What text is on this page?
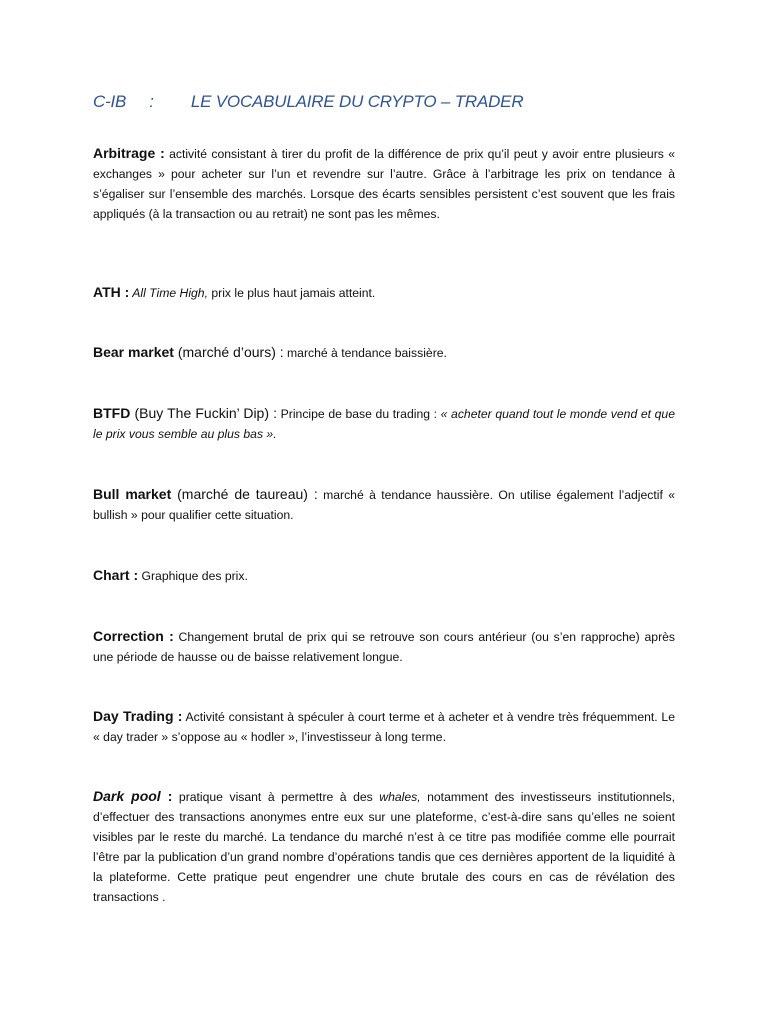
C-IB : LE VOCABULAIRE DU CRYPTO – TRADER
Arbitrage : activité consistant à tirer du profit de la différence de prix qu’il peut y avoir entre plusieurs « exchanges » pour acheter sur l’un et revendre sur l’autre. Grâce à l’arbitrage les prix on tendance à s’égaliser sur l’ensemble des marchés. Lorsque des écarts sensibles persistent c’est souvent que les frais appliqués (à la transaction ou au retrait) ne sont pas les mêmes.
ATH : All Time High, prix le plus haut jamais atteint.
Bear market (marché d’ours) : marché à tendance baissière.
BTFD (Buy The Fuckin’ Dip) : Principe de base du trading : « acheter quand tout le monde vend et que le prix vous semble au plus bas ».
Bull market (marché de taureau) : marché à tendance haussière. On utilise également l’adjectif « bullish » pour qualifier cette situation.
Chart : Graphique des prix.
Correction : Changement brutal de prix qui se retrouve son cours antérieur (ou s’en rapproche) après une période de hausse ou de baisse relativement longue.
Day Trading : Activité consistant à spéculer à court terme et à acheter et à vendre très fréquemment. Le « day trader » s’oppose au « hodler », l’investisseur à long terme.
Dark pool : pratique visant à permettre à des whales, notamment des investisseurs institutionnels, d’effectuer des transactions anonymes entre eux sur une plateforme, c’est-à-dire sans qu’elles ne soient visibles par le reste du marché. La tendance du marché n’est à ce titre pas modifiée comme elle pourrait l’être par la publication d’un grand nombre d’opérations tandis que ces dernières apportent de la liquidité à la plateforme. Cette pratique peut engendrer une chute brutale des cours en cas de révélation des transactions .
